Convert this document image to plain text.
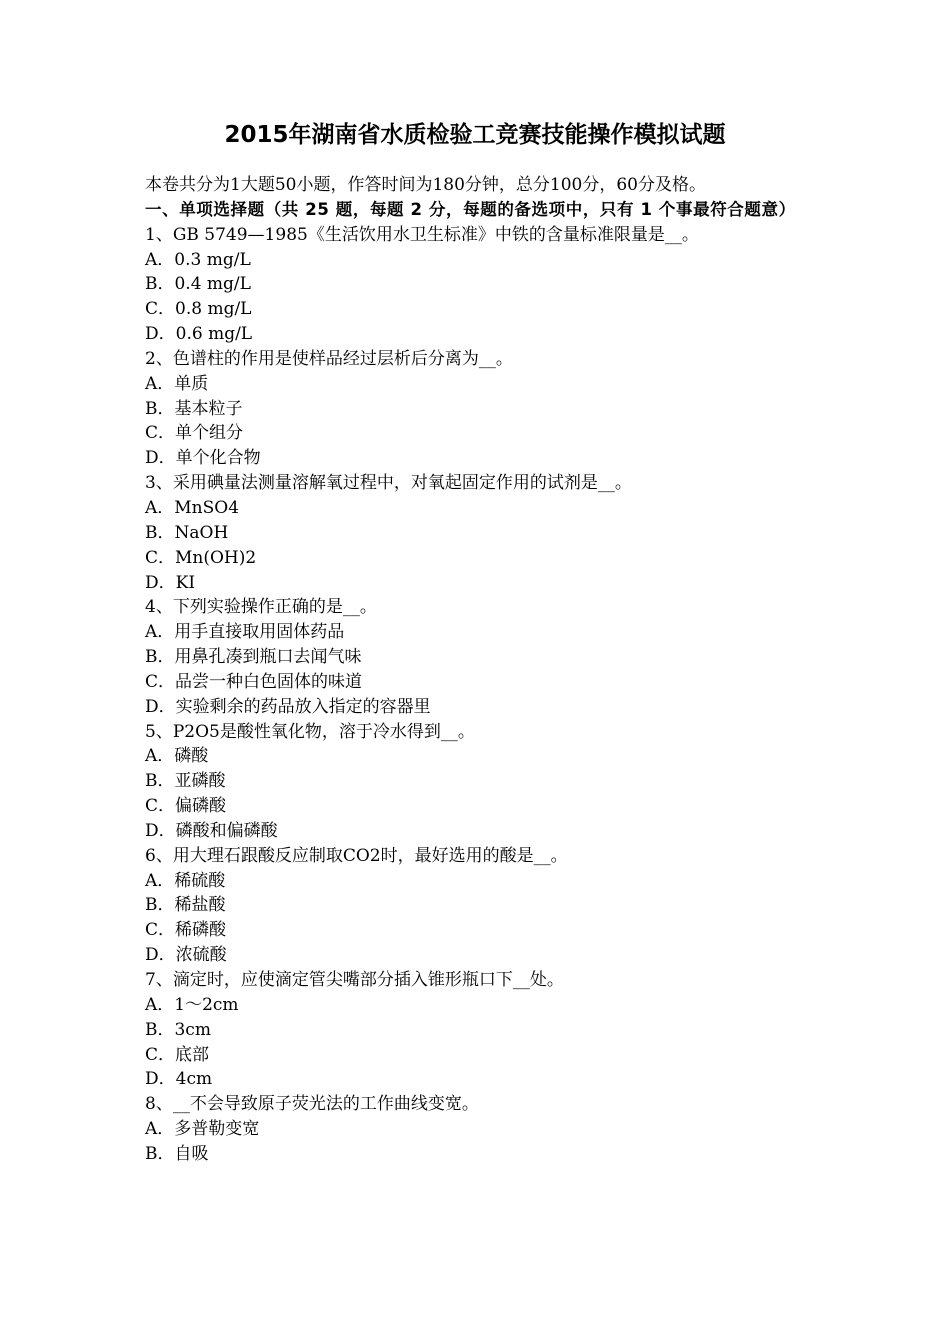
2015年湖南省水质检验工竞赛技能操作模拟试题
本卷共分为1大题50小题，作答时间为180分钟，总分100分，60分及格。
一、单项选择题（共 25 题，每题 2 分，每题的备选项中，只有 1 个事最符合题意）
1、GB 5749—1985《生活饮用水卫生标准》中铁的含量标准限量是__。
A．0.3 mg/L
B．0.4 mg/L
C．0.8 mg/L
D．0.6 mg/L
2、色谱柱的作用是使样品经过层析后分离为__。
A．单质
B．基本粒子
C．单个组分
D．单个化合物
3、采用碘量法测量溶解氧过程中，对氧起固定作用的试剂是__。
A．MnSO4
B．NaOH
C．Mn(OH)2
D．KI
4、下列实验操作正确的是__。
A．用手直接取用固体药品
B．用鼻孔凑到瓶口去闻气味
C．品尝一种白色固体的味道
D．实验剩余的药品放入指定的容器里
5、P2O5是酸性氧化物，溶于冷水得到__。
A．磷酸
B．亚磷酸
C．偏磷酸
D．磷酸和偏磷酸
6、用大理石跟酸反应制取CO2时，最好选用的酸是__。
A．稀硫酸
B．稀盐酸
C．稀磷酸
D．浓硫酸
7、滴定时，应使滴定管尖嘴部分插入锥形瓶口下__处。
A．1～2cm
B．3cm
C．底部
D．4cm
8、__不会导致原子荧光法的工作曲线变宽。
A．多普勒变宽
B．自吸
